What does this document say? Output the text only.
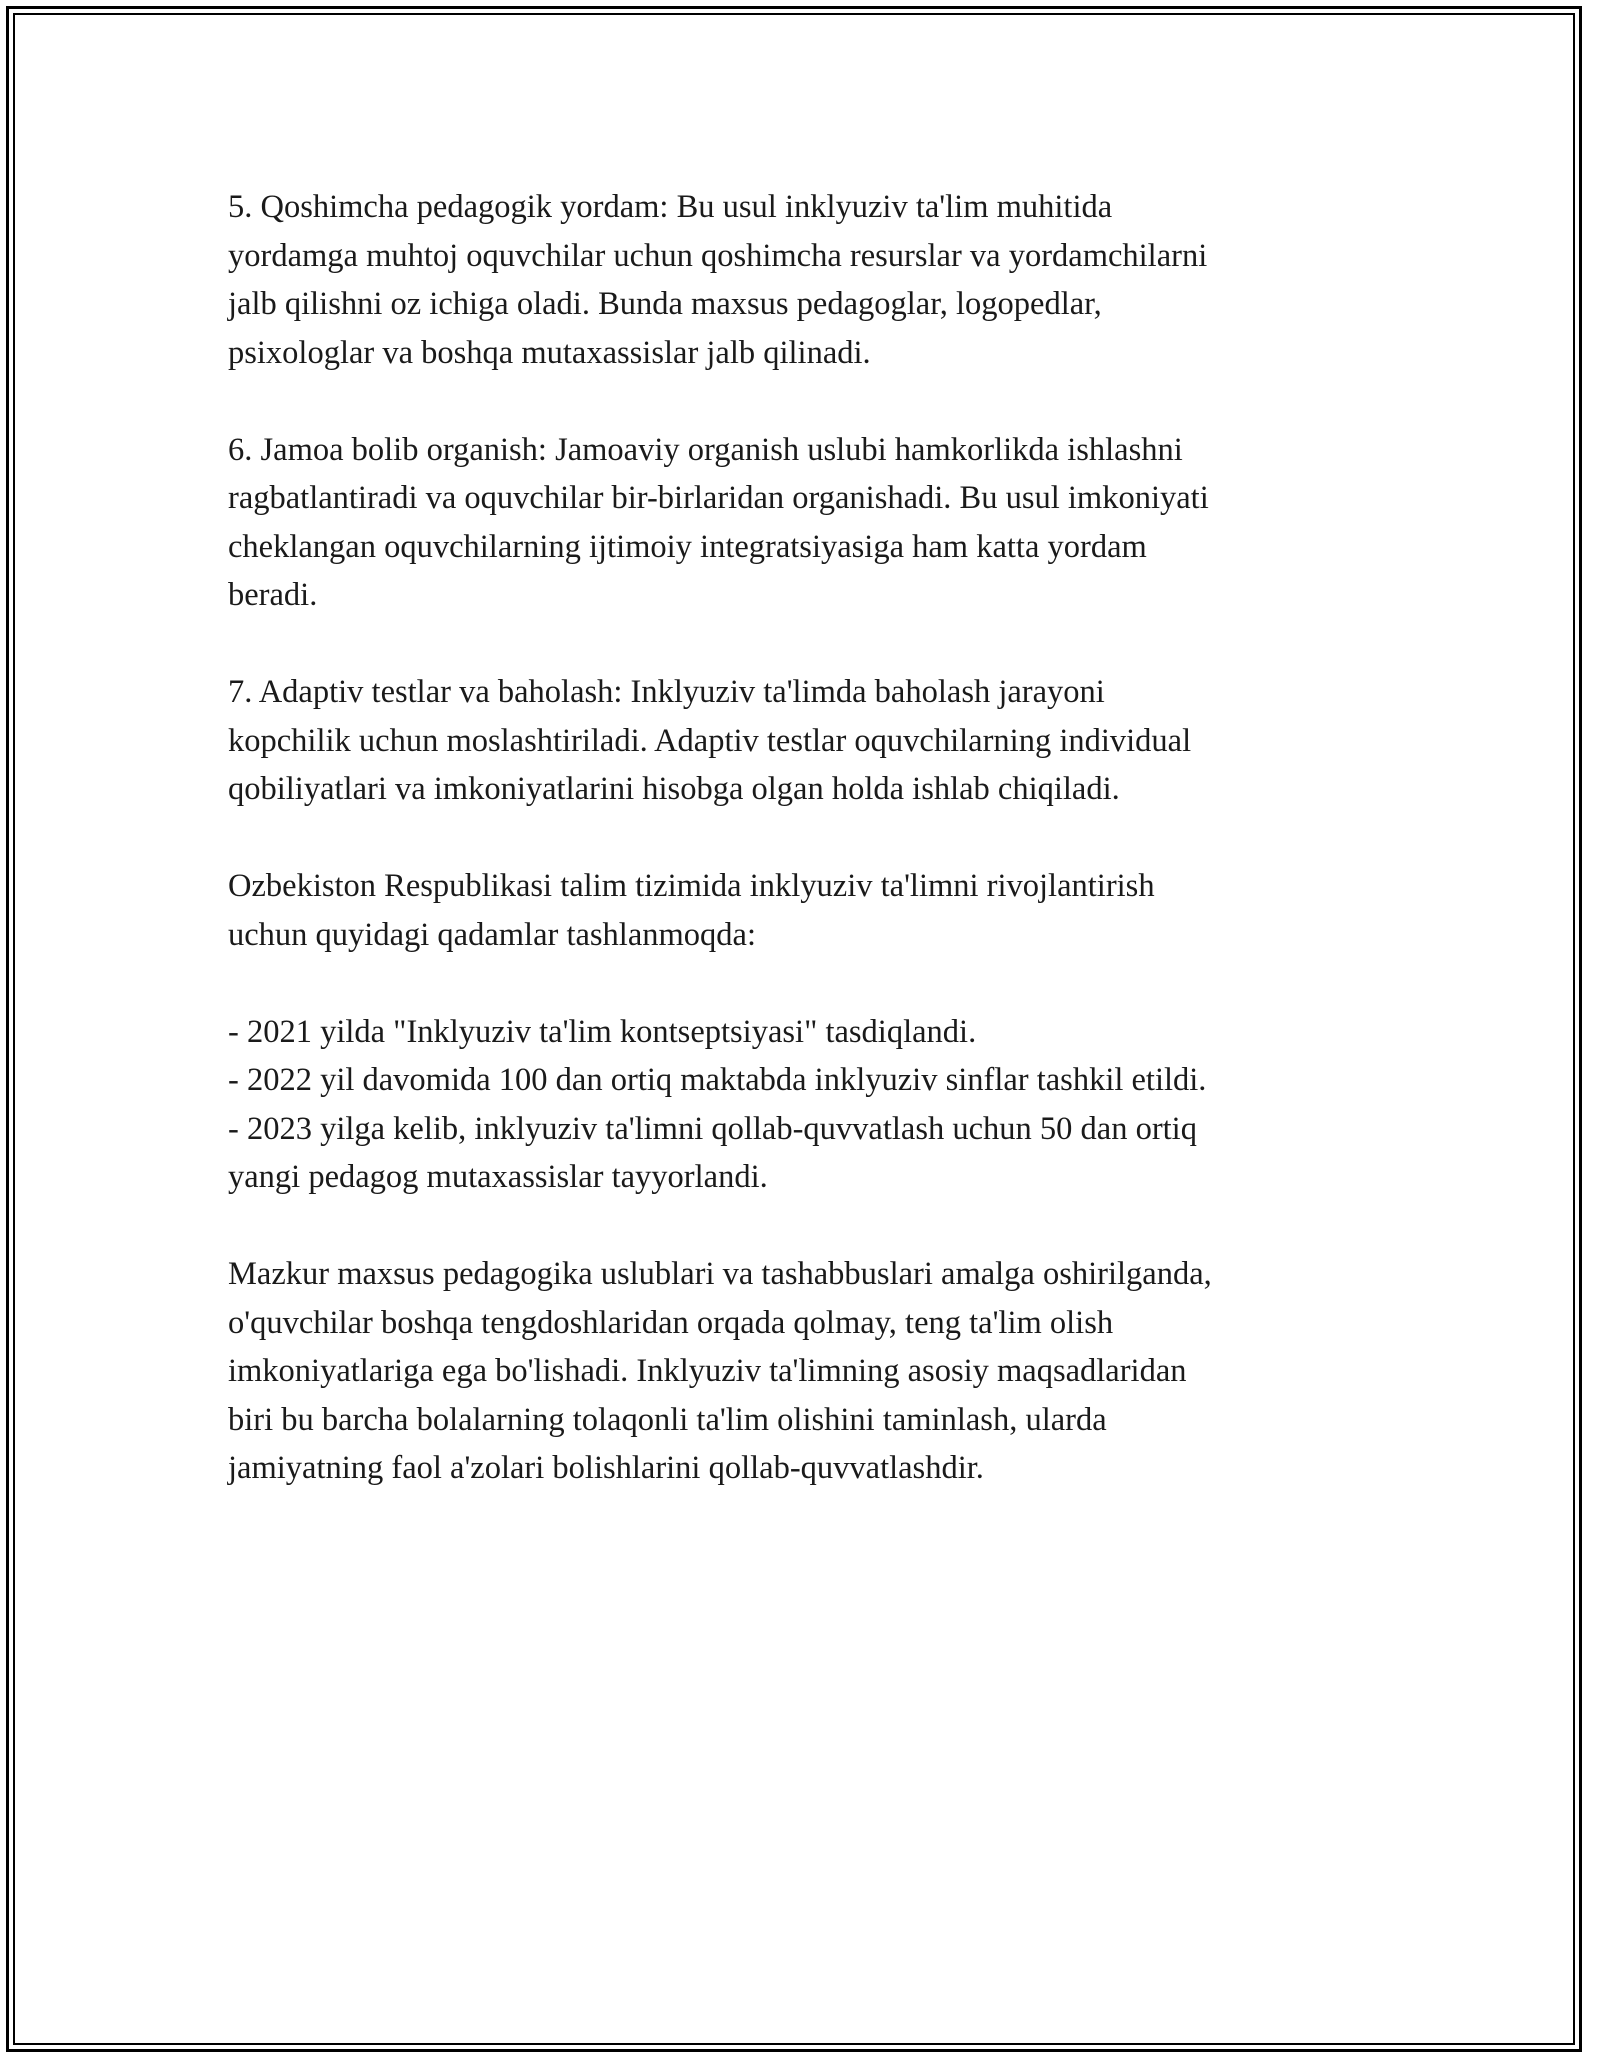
5. Qoshimcha pedagogik yordam: Bu usul inklyuziv ta'lim muhitida
yordamga muhtoj oquvchilar uchun qoshimcha resurslar va yordamchilarni
jalb qilishni oz ichiga oladi. Bunda maxsus pedagoglar, logopedlar,
psixologlar va boshqa mutaxassislar jalb qilinadi.

6. Jamoa bolib organish: Jamoaviy organish uslubi hamkorlikda ishlashni
ragbatlantiradi va oquvchilar bir-birlaridan organishadi. Bu usul imkoniyati
cheklangan oquvchilarning ijtimoiy integratsiyasiga ham katta yordam
beradi.

7. Adaptiv testlar va baholash: Inklyuziv ta'limda baholash jarayoni
kopchilik uchun moslashtiriladi. Adaptiv testlar oquvchilarning individual
qobiliyatlari va imkoniyatlarini hisobga olgan holda ishlab chiqiladi.

Ozbekiston Respublikasi talim tizimida inklyuziv ta'limni rivojlantirish
uchun quyidagi qadamlar tashlanmoqda:

- 2021 yilda "Inklyuziv ta'lim kontseptsiyasi" tasdiqlandi.
- 2022 yil davomida 100 dan ortiq maktabda inklyuziv sinflar tashkil etildi.
- 2023 yilga kelib, inklyuziv ta'limni qollab-quvvatlash uchun 50 dan ortiq
yangi pedagog mutaxassislar tayyorlandi.

Mazkur maxsus pedagogika uslublari va tashabbuslari amalga oshirilganda,
o'quvchilar boshqa tengdoshlaridan orqada qolmay, teng ta'lim olish
imkoniyatlariga ega bo'lishadi. Inklyuziv ta'limning asosiy maqsadlaridan
biri bu barcha bolalarning tolaqonli ta'lim olishini taminlash, ularda
jamiyatning faol a'zolari bolishlarini qollab-quvvatlashdir.
